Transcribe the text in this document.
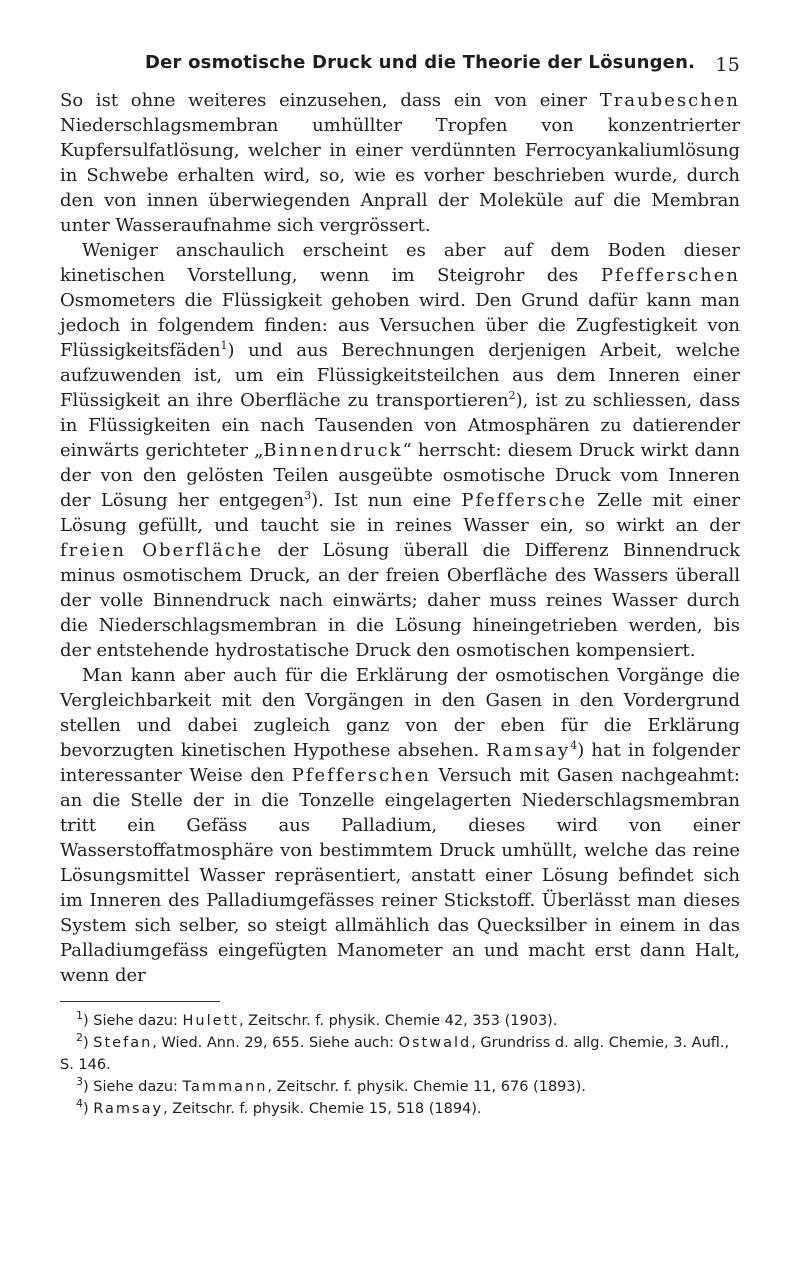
Der osmotische Druck und die Theorie der Lösungen. 15

So ist ohne weiteres einzusehen, dass ein von einer Traubeschen Niederschlagsmembran umhüllter Tropfen von konzentrierter Kupfersulfatlösung, welcher in einer verdünnten Ferrocyankaliumlösung in Schwebe erhalten wird, so, wie es vorher beschrieben wurde, durch den von innen überwiegenden Anprall der Moleküle auf die Membran unter Wasseraufnahme sich vergrössert.

Weniger anschaulich erscheint es aber auf dem Boden dieser kinetischen Vorstellung, wenn im Steigrohr des Pfefferschen Osmometers die Flüssigkeit gehoben wird. Den Grund dafür kann man jedoch in folgendem finden: aus Versuchen über die Zugfestigkeit von Flüssigkeitsfäden$^1$) und aus Berechnungen derjenigen Arbeit, welche aufzuwenden ist, um ein Flüssigkeitsteilchen aus dem Inneren einer Flüssigkeit an ihre Oberfläche zu transportieren$^2$), ist zu schliessen, dass in Flüssigkeiten ein nach Tausenden von Atmosphären zu datierender einwärts gerichteter „Binnendruck“ herrscht: diesem Druck wirkt dann der von den gelösten Teilen ausgeübte osmotische Druck vom Inneren der Lösung her entgegen$^3$). Ist nun eine Pfeffersche Zelle mit einer Lösung gefüllt, und taucht sie in reines Wasser ein, so wirkt an der freien Oberfläche der Lösung überall die Differenz Binnendruck minus osmotischem Druck, an der freien Oberfläche des Wassers überall der volle Binnendruck nach einwärts; daher muss reines Wasser durch die Niederschlagsmembran in die Lösung hineingetrieben werden, bis der entstehende hydrostatische Druck den osmotischen kompensiert.

Man kann aber auch für die Erklärung der osmotischen Vorgänge die Vergleichbarkeit mit den Vorgängen in den Gasen in den Vordergrund stellen und dabei zugleich ganz von der eben für die Erklärung bevorzugten kinetischen Hypothese absehen. Ramsay$^4$) hat in folgender interessanter Weise den Pfefferschen Versuch mit Gasen nachgeahmt: an die Stelle der in die Tonzelle eingelagerten Niederschlagsmembran tritt ein Gefäss aus Palladium, dieses wird von einer Wasserstoffatmosphäre von bestimmtem Druck umhüllt, welche das reine Lösungsmittel Wasser repräsentiert, anstatt einer Lösung befindet sich im Inneren des Palladiumgefässes reiner Stickstoff. Überlässt man dieses System sich selber, so steigt allmählich das Quecksilber in einem in das Palladiumgefäss eingefügten Manometer an und macht erst dann Halt, wenn der

$^1$) Siehe dazu: Hulett, Zeitschr. f. physik. Chemie 42, 353 (1903).

$^2$) Stefan, Wied. Ann. 29, 655. Siehe auch: Ostwald, Grundriss d. allg. Chemie, 3. Aufl., S. 146.

$^3$) Siehe dazu: Tammann, Zeitschr. f. physik. Chemie 11, 676 (1893).

$^4$) Ramsay, Zeitschr. f. physik. Chemie 15, 518 (1894).
